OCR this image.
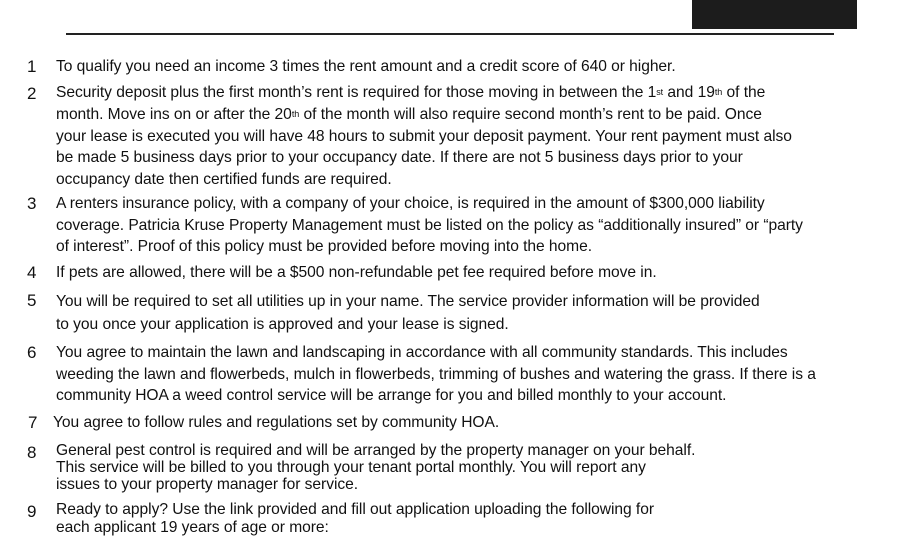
1 To qualify you need an income 3 times the rent amount and a credit score of 640 or higher.
2 Security deposit plus the first month’s rent is required for those moving in between the 1st and 19th of the
month. Move ins on or after the 20th of the month will also require second month’s rent to be paid. Once
your lease is executed you will have 48 hours to submit your deposit payment. Your rent payment must also
be made 5 business days prior to your occupancy date. If there are not 5 business days prior to your
occupancy date then certified funds are required.
3 A renters insurance policy, with a company of your choice, is required in the amount of $300,000 liability
coverage. Patricia Kruse Property Management must be listed on the policy as “additionally insured” or “party
of interest”. Proof of this policy must be provided before moving into the home.
4 If pets are allowed, there will be a $500 non-refundable pet fee required before move in.
5 You will be required to set all utilities up in your name. The service provider information will be provided
to you once your application is approved and your lease is signed.
6 You agree to maintain the lawn and landscaping in accordance with all community standards. This includes
weeding the lawn and flowerbeds, mulch in flowerbeds, trimming of bushes and watering the grass. If there is a
community HOA a weed control service will be arrange for you and billed monthly to your account.
7 You agree to follow rules and regulations set by community HOA.
8 General pest control is required and will be arranged by the property manager on your behalf.
This service will be billed to you through your tenant portal monthly. You will report any
issues to your property manager for service.
9 Ready to apply? Use the link provided and fill out application uploading the following for
each applicant 19 years of age or more:
